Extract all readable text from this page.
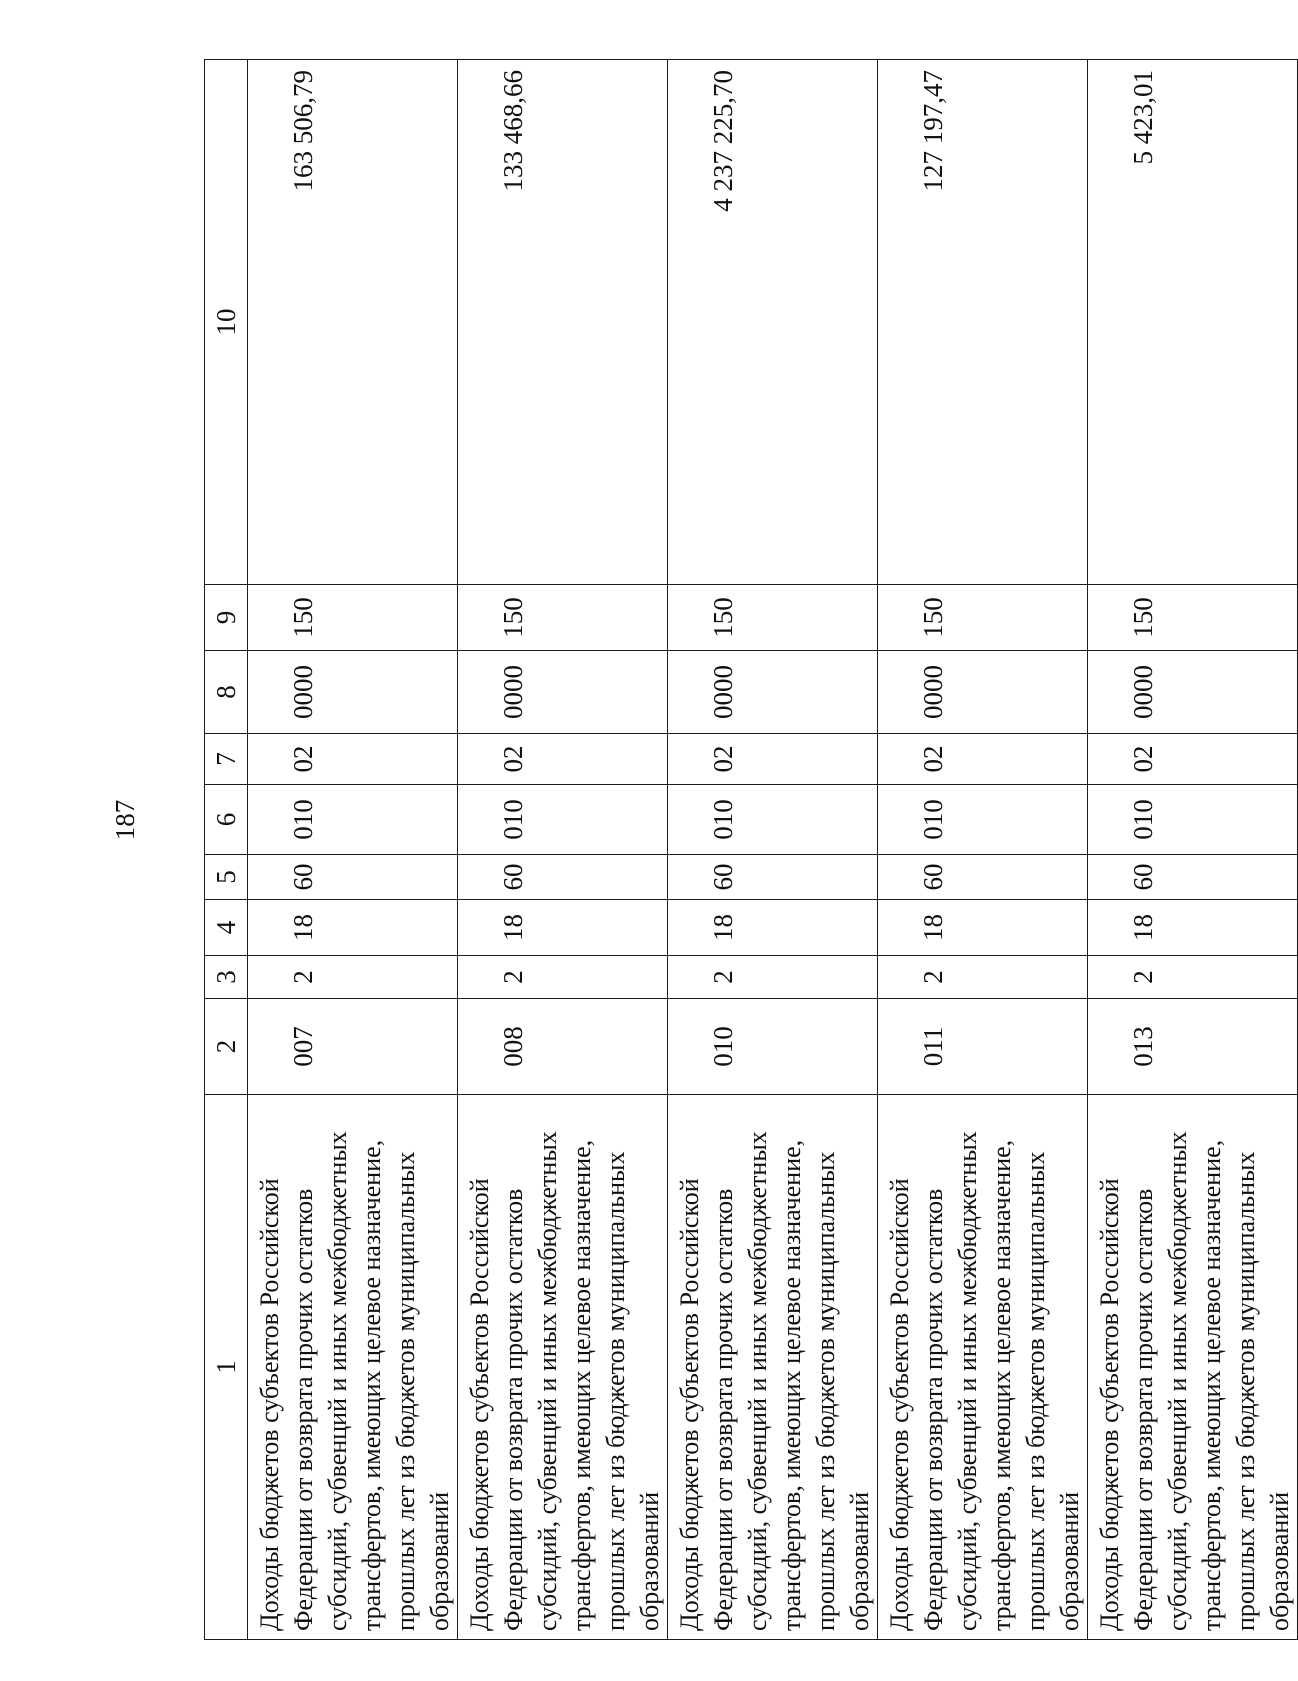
187
1	2	3	4	5	6	7	8	9	10
Доходы бюджетов субъектов Российской Федерации от возврата прочих остатков субсидий, субвенций и иных межбюджетных трансфертов, имеющих целевое назначение, прошлых лет из бюджетов муниципальных образований	007	2	18	60	010	02	0000	150	163 506,79
Доходы бюджетов субъектов Российской Федерации от возврата прочих остатков субсидий, субвенций и иных межбюджетных трансфертов, имеющих целевое назначение, прошлых лет из бюджетов муниципальных образований	008	2	18	60	010	02	0000	150	133 468,66
Доходы бюджетов субъектов Российской Федерации от возврата прочих остатков субсидий, субвенций и иных межбюджетных трансфертов, имеющих целевое назначение, прошлых лет из бюджетов муниципальных образований	010	2	18	60	010	02	0000	150	4 237 225,70
Доходы бюджетов субъектов Российской Федерации от возврата прочих остатков субсидий, субвенций и иных межбюджетных трансфертов, имеющих целевое назначение, прошлых лет из бюджетов муниципальных образований	011	2	18	60	010	02	0000	150	127 197,47
Доходы бюджетов субъектов Российской Федерации от возврата прочих остатков субсидий, субвенций и иных межбюджетных трансфертов, имеющих целевое назначение, прошлых лет из бюджетов муниципальных образований	013	2	18	60	010	02	0000	150	5 423,01
